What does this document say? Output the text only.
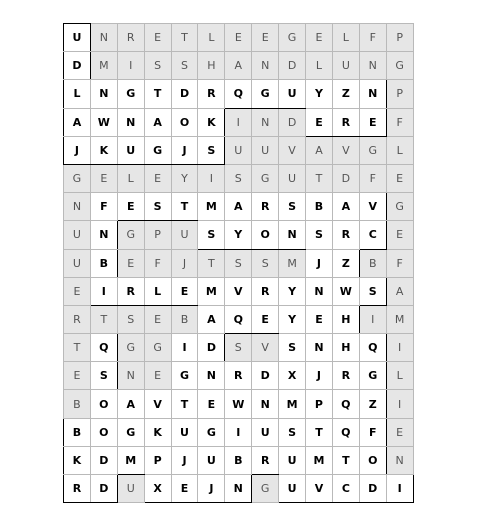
U	N	R	E	T	L	E	E	G	E	L	F	P
D	M	I	S	S	H	A	N	D	L	U	N	G
L	N	G	T	D	R	Q	G	U	Y	Z	N	P
A	W	N	A	O	K	I	N	D	E	R	E	F
J	K	U	G	J	S	U	U	V	A	V	G	L
G	E	L	E	Y	I	S	G	U	T	D	F	E
N	F	E	S	T	M	A	R	S	B	A	V	G
U	N	G	P	U	S	Y	O	N	S	R	C	E
U	B	E	F	J	T	S	S	M	J	Z	B	F
E	I	R	L	E	M	V	R	Y	N	W	S	A
R	T	S	E	B	A	Q	E	Y	E	H	I	M
T	Q	G	G	I	D	S	V	S	N	H	Q	I
E	S	N	E	G	N	R	D	X	J	R	G	L
B	O	A	V	T	E	W	N	M	P	Q	Z	I
B	O	G	K	U	G	I	U	S	T	Q	F	E
K	D	M	P	J	U	B	R	U	M	T	O	N
R	D	U	X	E	J	N	G	U	V	C	D	I
